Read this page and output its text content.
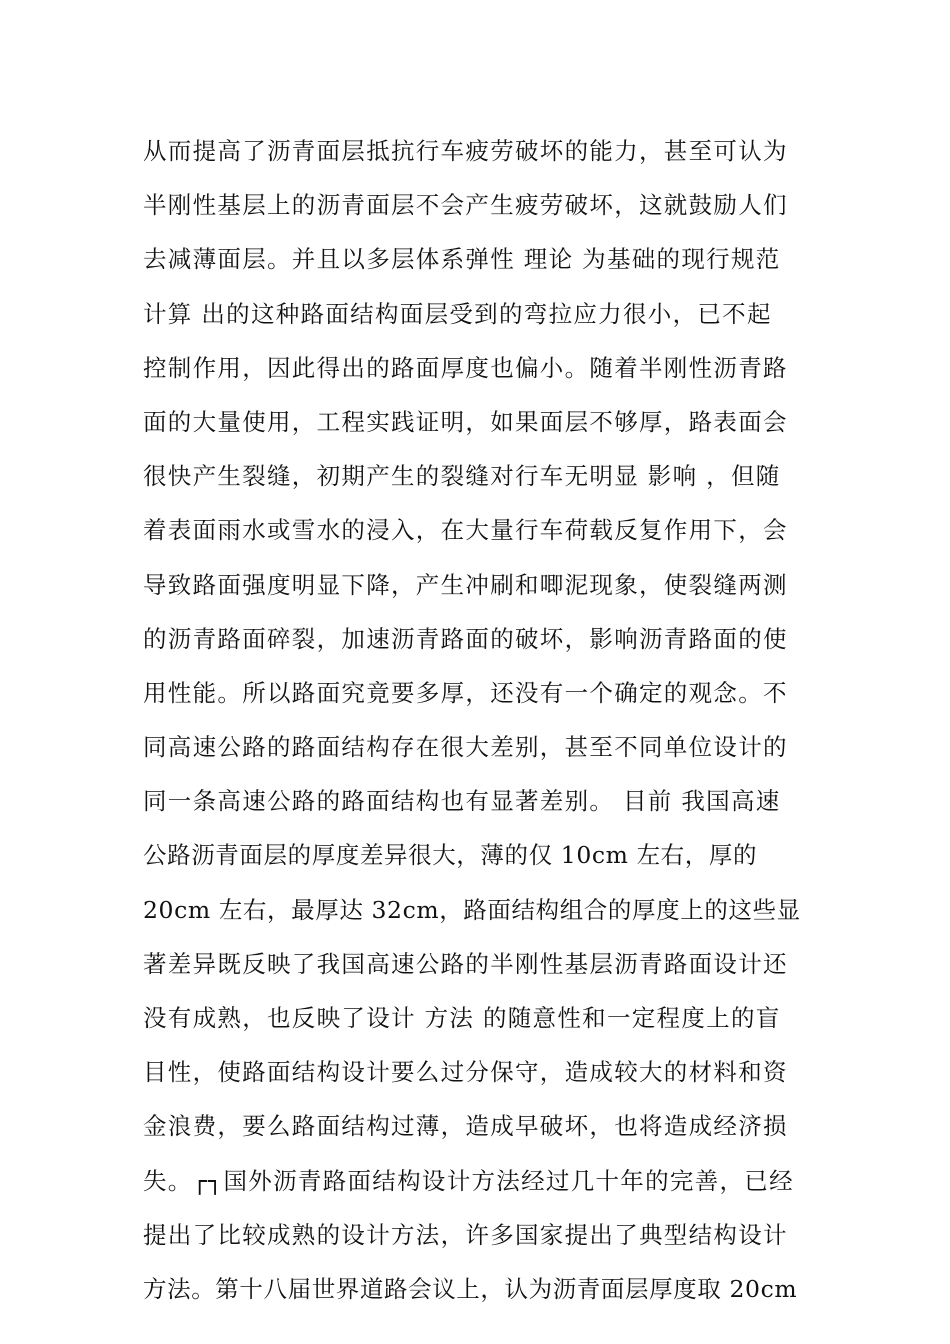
从而提高了沥青面层抵抗行车疲劳破坏的能力，甚至可认为
半刚性基层上的沥青面层不会产生疲劳破坏，这就鼓励人们
去减薄面层。并且以多层体系弹性 理论 为基础的现行规范
计算 出的这种路面结构面层受到的弯拉应力很小，已不起
控制作用，因此得出的路面厚度也偏小。随着半刚性沥青路
面的大量使用，工程实践证明，如果面层不够厚，路表面会
很快产生裂缝，初期产生的裂缝对行车无明显 影响 ，但随
着表面雨水或雪水的浸入，在大量行车荷载反复作用下，会
导致路面强度明显下降，产生冲刷和唧泥现象，使裂缝两测
的沥青路面碎裂，加速沥青路面的破坏，影响沥青路面的使
用性能。所以路面究竟要多厚，还没有一个确定的观念。不
同高速公路的路面结构存在很大差别，甚至不同单位设计的
同一条高速公路的路面结构也有显著差别。 目前 我国高速
公路沥青面层的厚度差异很大，薄的仅 10cm 左右，厚的
20cm 左右，最厚达 32cm，路面结构组合的厚度上的这些显
著差异既反映了我国高速公路的半刚性基层沥青路面设计还
没有成熟，也反映了设计 方法 的随意性和一定程度上的盲
目性，使路面结构设计要么过分保守，造成较大的材料和资
金浪费，要么路面结构过薄，造成早破坏，也将造成经济损
失。┌┐国外沥青路面结构设计方法经过几十年的完善，已经
提出了比较成熟的设计方法，许多国家提出了典型结构设计
方法。第十八届世界道路会议上，认为沥青面层厚度取 20cm
